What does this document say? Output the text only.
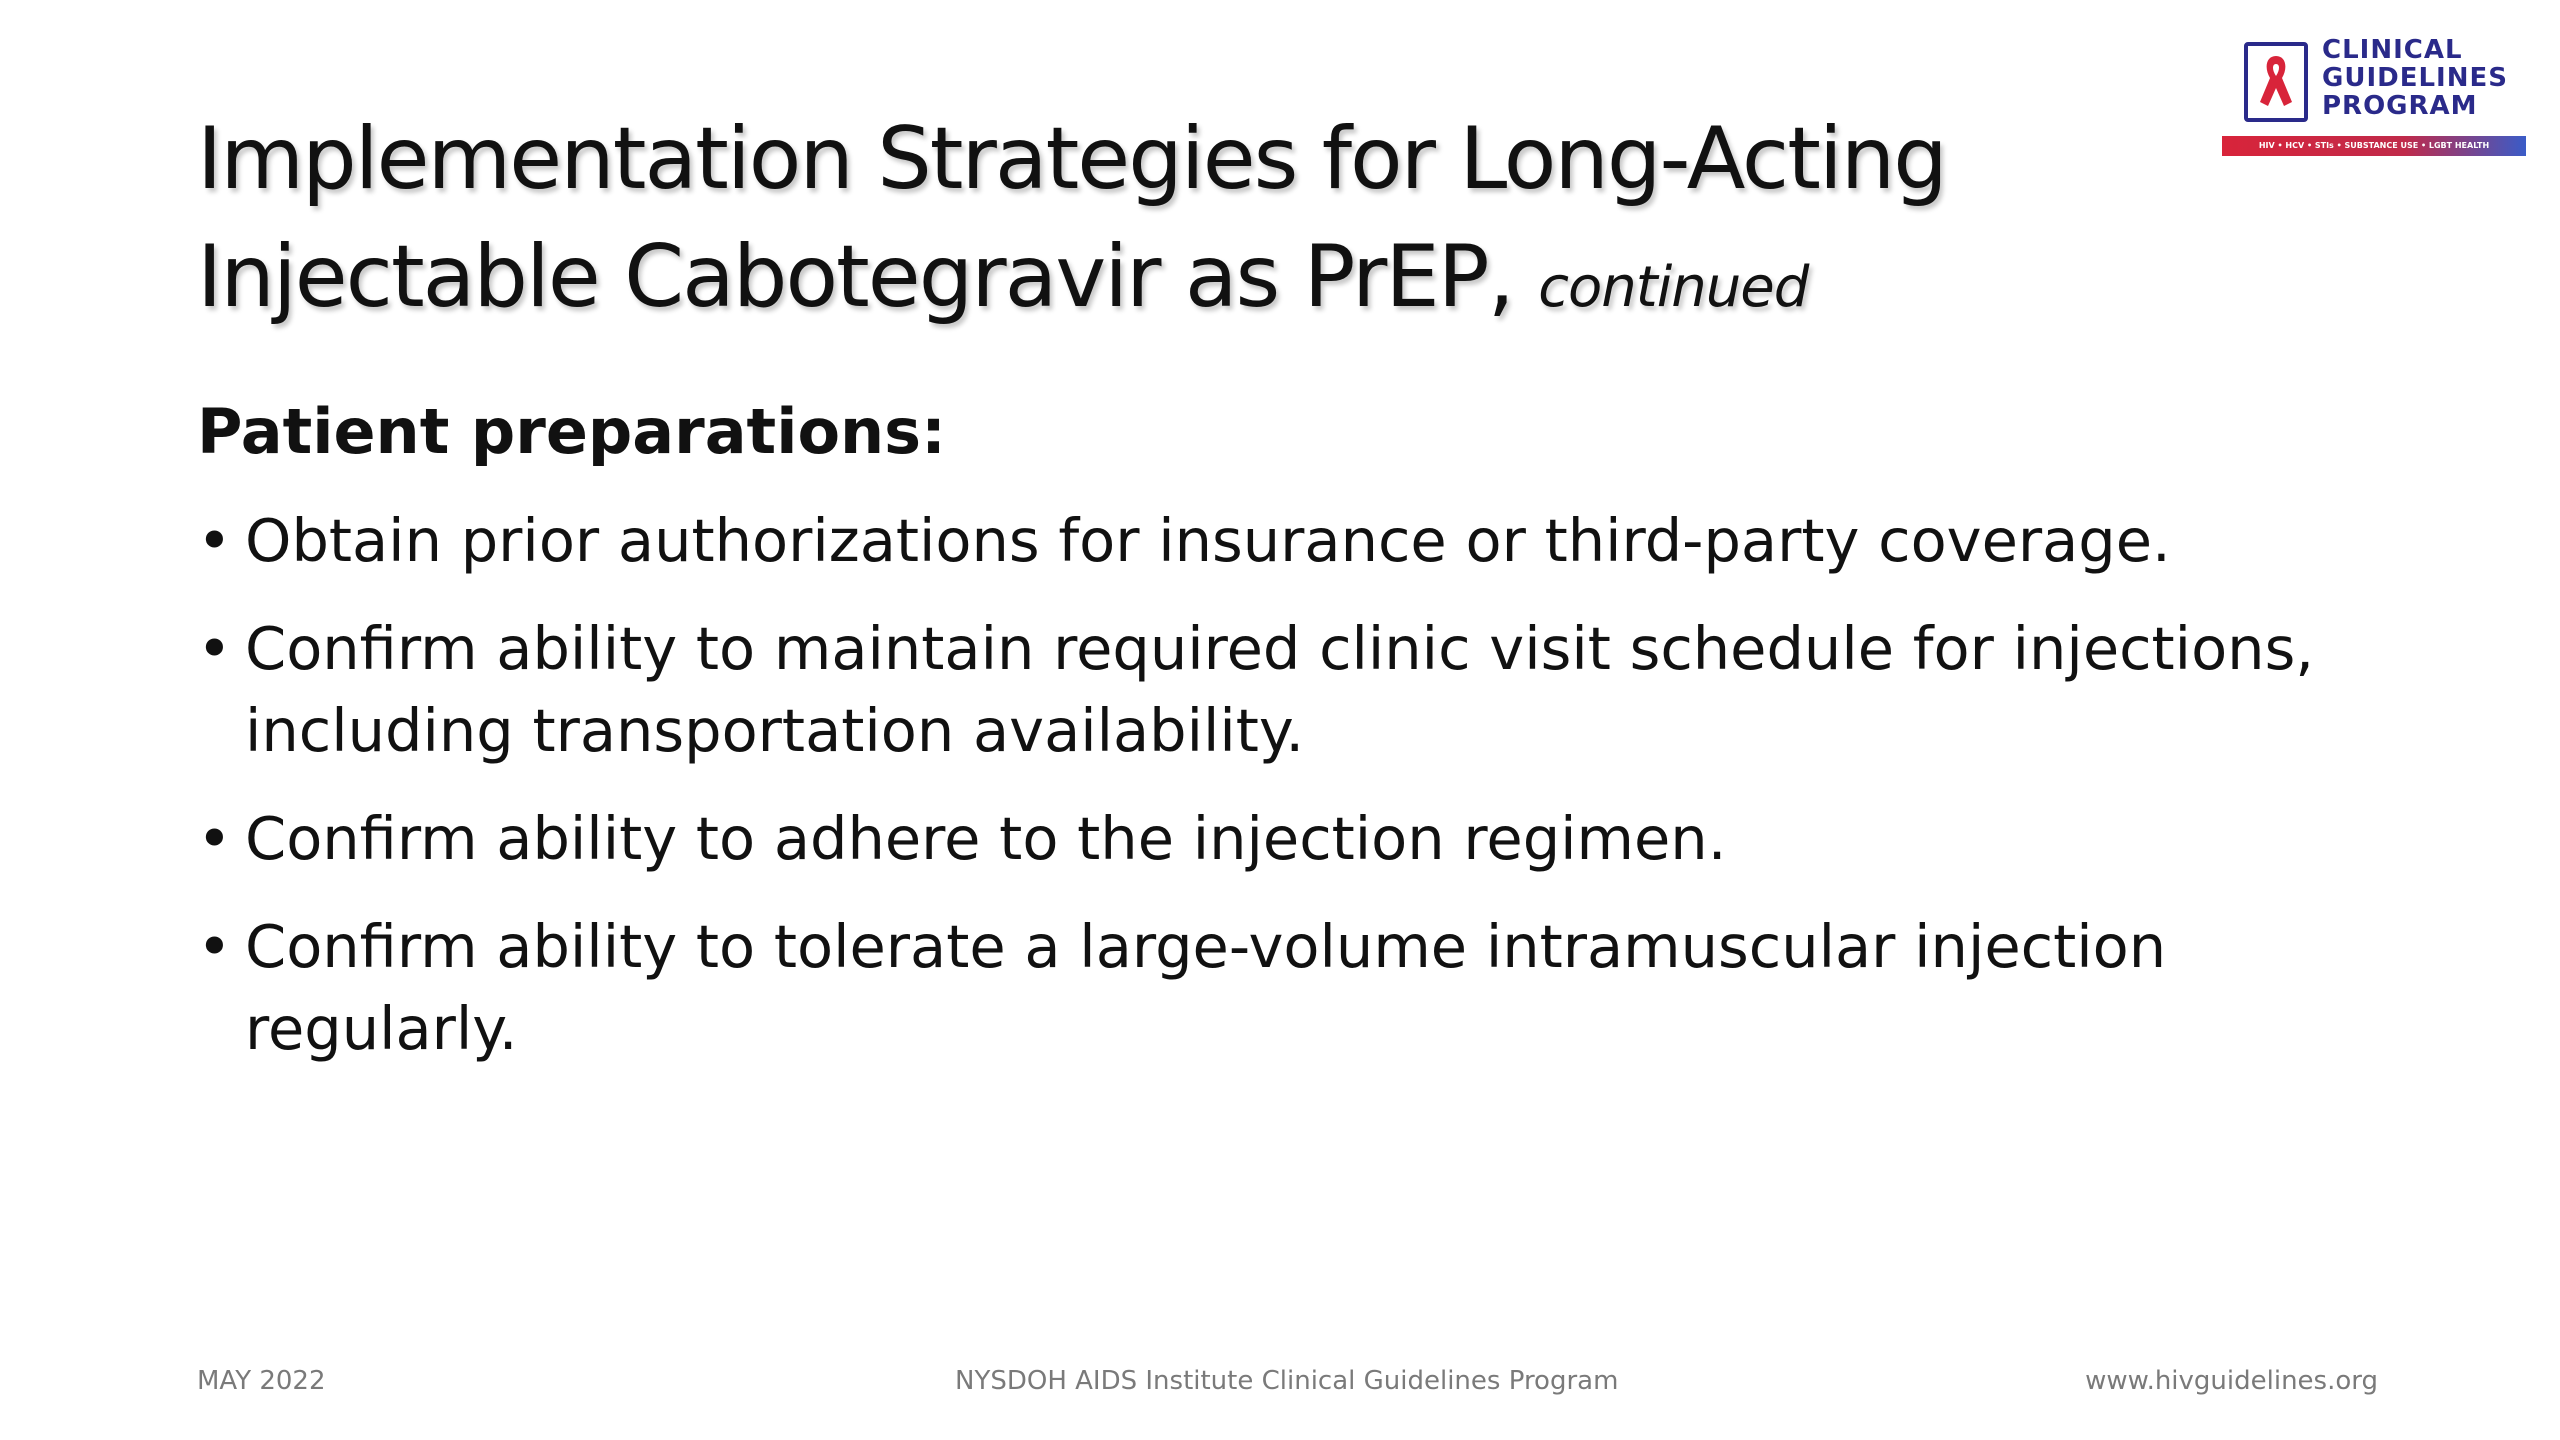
CLINICAL
GUIDELINES
PROGRAM
HIV • HCV • STIs • SUBSTANCE USE • LGBT HEALTH
Implementation Strategies for Long-Acting
Injectable Cabotegravir as PrEP, continued
Patient preparations:
• Obtain prior authorizations for insurance or third-party coverage.
• Confirm ability to maintain required clinic visit schedule for injections, including transportation availability.
• Confirm ability to adhere to the injection regimen.
• Confirm ability to tolerate a large-volume intramuscular injection regularly.
MAY 2022	NYSDOH AIDS Institute Clinical Guidelines Program	www.hivguidelines.org
